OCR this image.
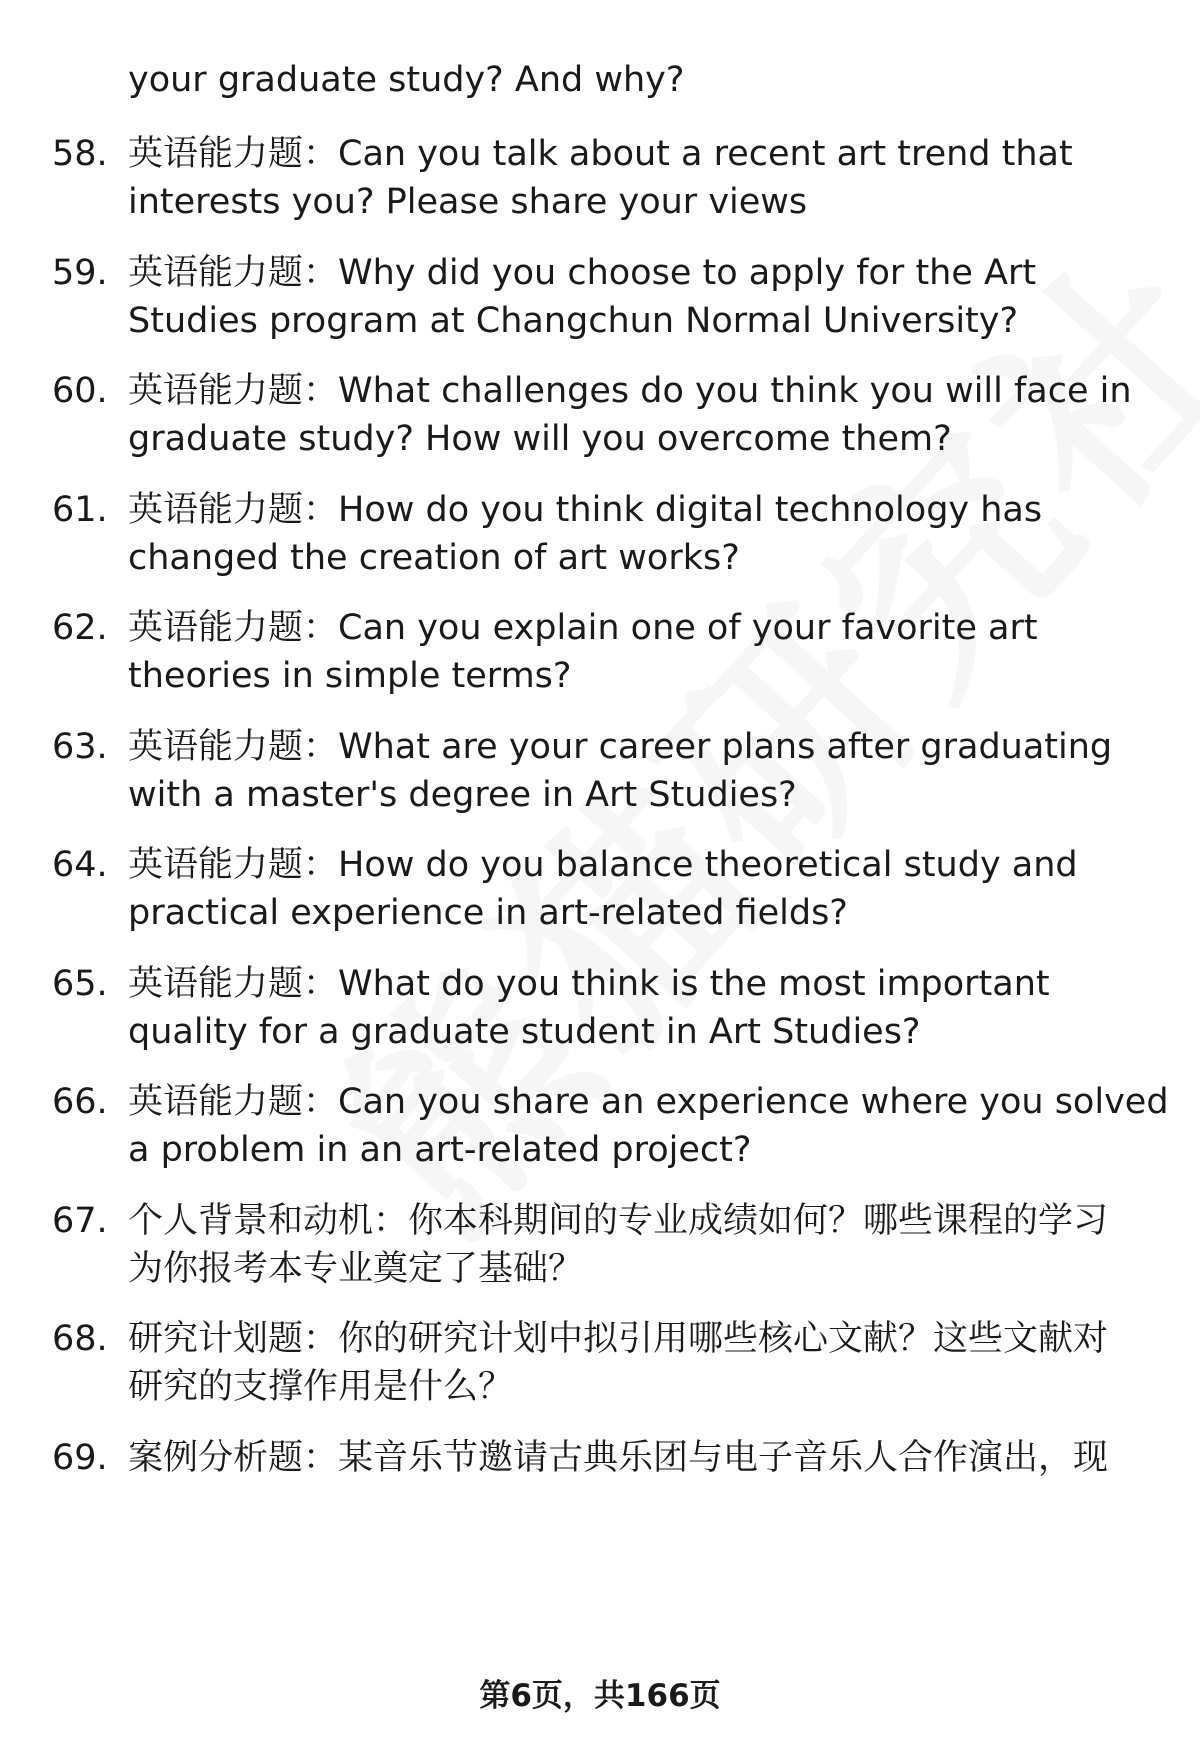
your graduate study? And why?
58. 英语能力题：Can you talk about a recent art trend that
interests you? Please share your views
59. 英语能力题：Why did you choose to apply for the Art
Studies program at Changchun Normal University?
60. 英语能力题：What challenges do you think you will face in
graduate study? How will you overcome them?
61. 英语能力题：How do you think digital technology has
changed the creation of art works?
62. 英语能力题：Can you explain one of your favorite art
theories in simple terms?
63. 英语能力题：What are your career plans after graduating
with a master's degree in Art Studies?
64. 英语能力题：How do you balance theoretical study and
practical experience in art-related fields?
65. 英语能力题：What do you think is the most important
quality for a graduate student in Art Studies?
66. 英语能力题：Can you share an experience where you solved
a problem in an art-related project?
67. 个人背景和动机：你本科期间的专业成绩如何？哪些课程的学习
为你报考本专业奠定了基础？
68. 研究计划题：你的研究计划中拟引用哪些核心文献？这些文献对
研究的支撑作用是什么？
69. 案例分析题：某音乐节邀请古典乐团与电子音乐人合作演出，现
第6页，共166页
